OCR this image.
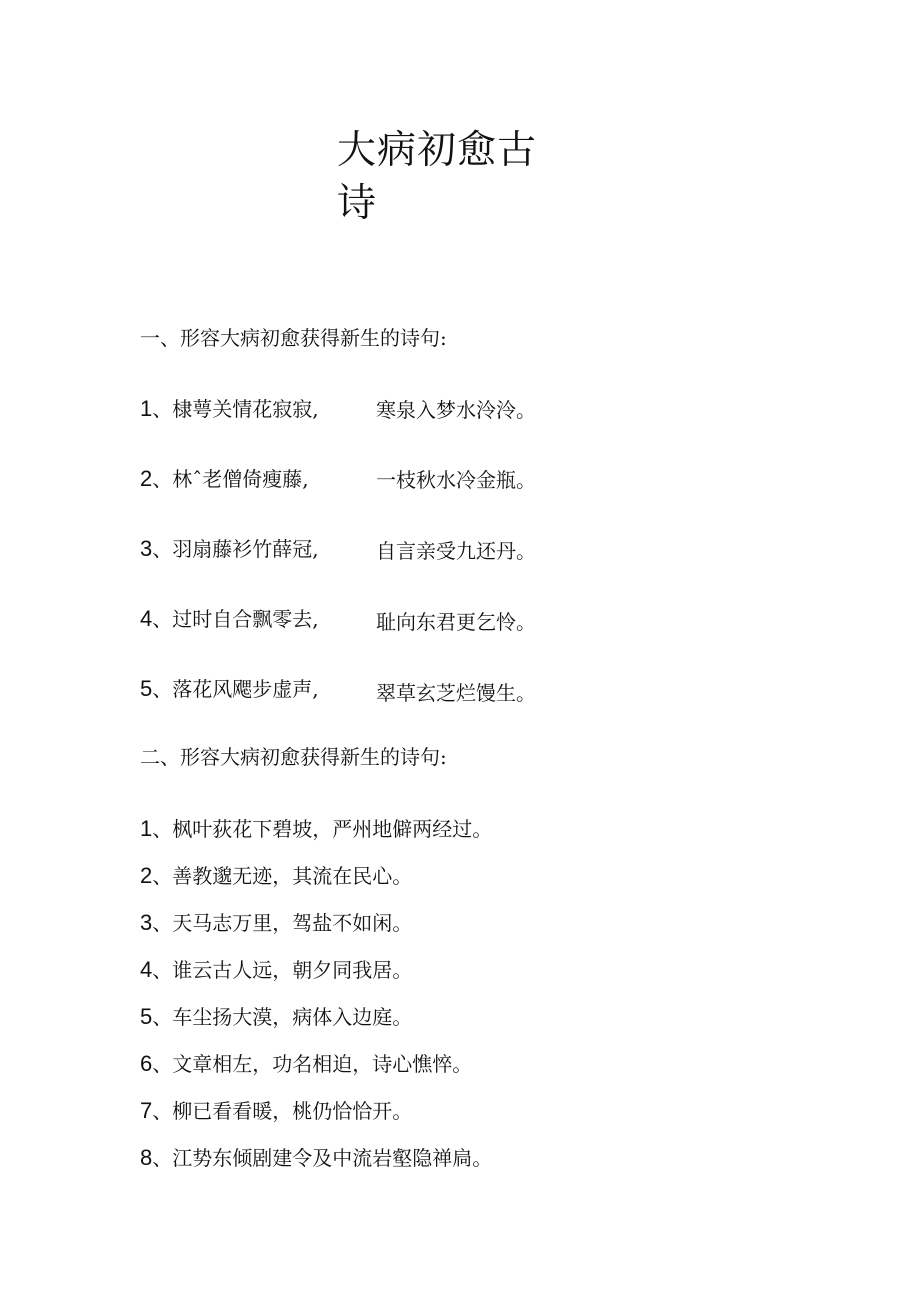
大病初愈古
诗
一、形容大病初愈获得新生的诗句:
1、棣萼关情花寂寂,	寒泉入梦水泠泠。
2、林ˆ老僧倚瘦藤,	一枝秋水冷金瓶。
3、羽扇藤衫竹薛冠,	自言亲受九还丹。
4、过时自合飘零去,	耻向东君更乞怜。
5、落花风飔步虚声,	翠草玄芝烂馒生。
二、形容大病初愈获得新生的诗句:
1、枫叶荻花下碧坡，严州地僻两经过。
2、善教邈无迹，其流在民心。
3、天马志万里，驾盐不如闲。
4、谁云古人远，朝夕同我居。
5、车尘扬大漠，病体入边庭。
6、文章相左，功名相迫，诗心憔悴。
7、柳已看看暖，桃仍恰恰开。
8、江势东倾剧建令及中流岩壑隐禅扃。
